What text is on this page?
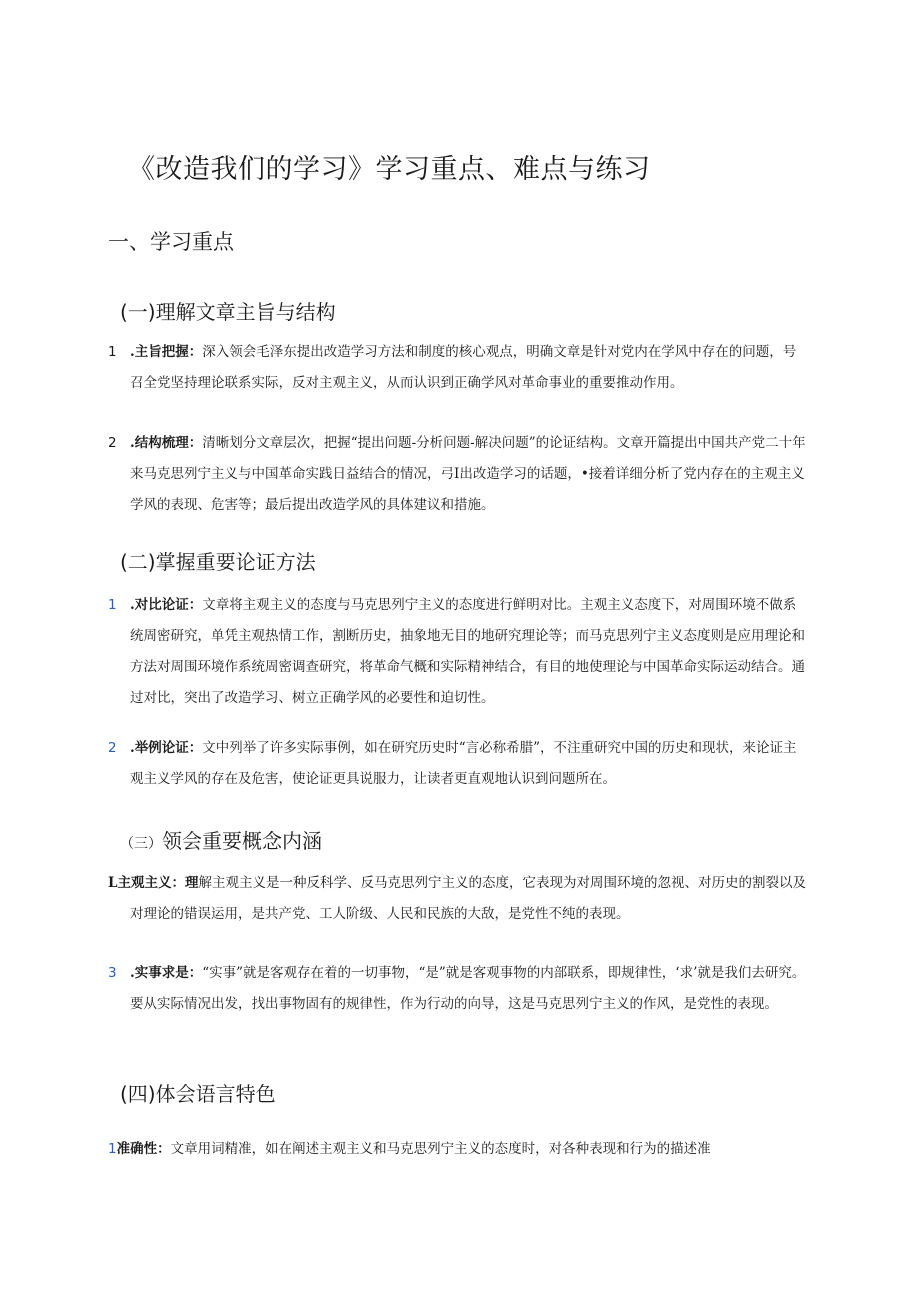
《改造我们的学习》学习重点、难点与练习
一、学习重点
(一)理解文章主旨与结构
1 .主旨把握：深入领会毛泽东提出改造学习方法和制度的核心观点，明确文章是针对党内在学风中存在的问题，号召全党坚持理论联系实际，反对主观主义，从而认识到正确学风对革命事业的重要推动作用。
2 .结构梳理：清晰划分文章层次，把握“提出问题-分析问题-解决问题”的论证结构。文章开篇提出中国共产党二十年来马克思列宁主义与中国革命实践日益结合的情况，弓I出改造学习的话题，•接着详细分析了党内存在的主观主义学风的表现、危害等；最后提出改造学风的具体建议和措施。
(二)掌握重要论证方法
1 .对比论证：文章将主观主义的态度与马克思列宁主义的态度进行鲜明对比。主观主义态度下，对周围环境不做系统周密研究，单凭主观热情工作，割断历史，抽象地无目的地研究理论等；而马克思列宁主义态度则是应用理论和方法对周围环境作系统周密调查研究，将革命气概和实际精神结合，有目的地使理论与中国革命实际运动结合。通过对比，突出了改造学习、树立正确学风的必要性和迫切性。
2 .举例论证：文中列举了许多实际事例，如在研究历史时“言必称希腊”，不注重研究中国的历史和现状，来论证主观主义学风的存在及危害，使论证更具说服力，让读者更直观地认识到问题所在。
（三）领会重要概念内涵
L主观主义：理解主观主义是一种反科学、反马克思列宁主义的态度，它表现为对周围环境的忽视、对历史的割裂以及对理论的错误运用，是共产党、工人阶级、人民和民族的大敌，是党性不纯的表现。
3 .实事求是：“实事”就是客观存在着的一切事物，“是”就是客观事物的内部联系，即规律性，‘求’就是我们去研究。要从实际情况出发，找出事物固有的规律性，作为行动的向导，这是马克思列宁主义的作风，是党性的表现。
(四)体会语言特色
1准确性：文章用词精准，如在阐述主观主义和马克思列宁主义的态度时，对各种表现和行为的描述准
